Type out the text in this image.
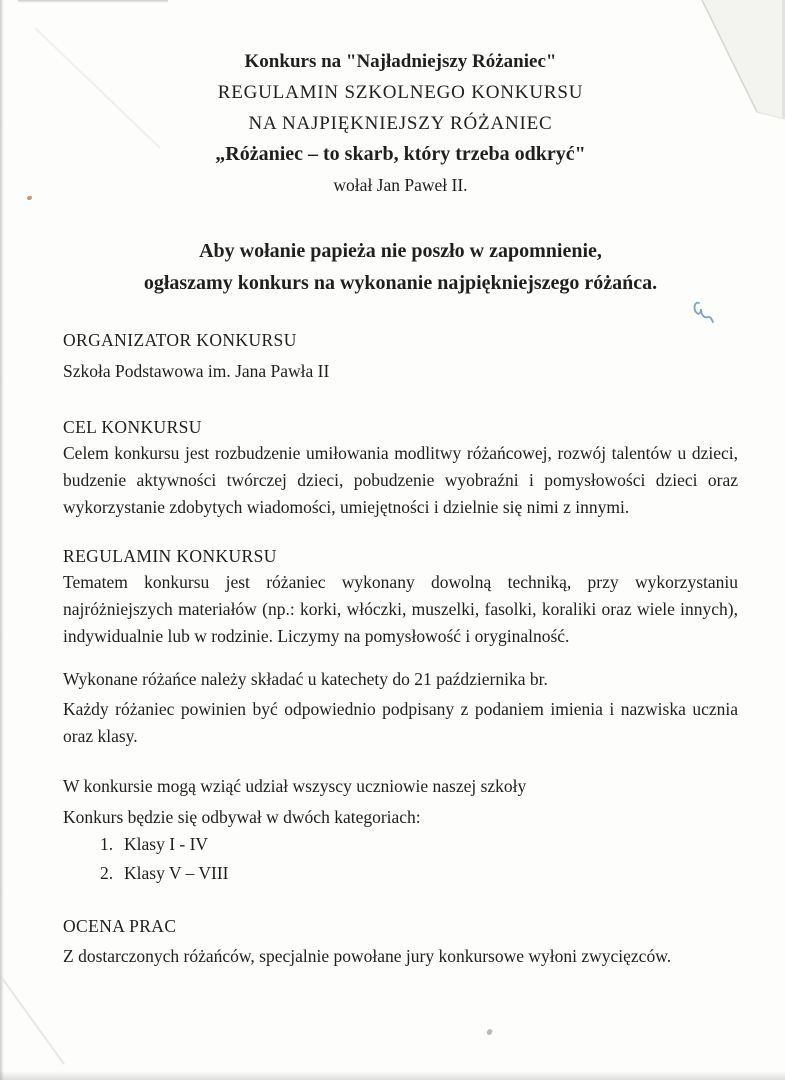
Konkurs na "Najładniejszy Różaniec"
REGULAMIN SZKOLNEGO KONKURSU
NA NAJPIĘKNIEJSZY RÓŻANIEC
„Różaniec – to skarb, który trzeba odkryć"
wołał Jan Paweł II.
Aby wołanie papieża nie poszło w zapomnienie,
ogłaszamy konkurs na wykonanie najpiękniejszego różańca.
ORGANIZATOR KONKURSU
Szkoła Podstawowa im. Jana Pawła II
CEL KONKURSU
Celem konkursu jest rozbudzenie umiłowania modlitwy różańcowej, rozwój talentów u dzieci, budzenie aktywności twórczej dzieci, pobudzenie wyobraźni i pomysłowości dzieci oraz wykorzystanie zdobytych wiadomości, umiejętności i dzielnie się nimi z innymi.
REGULAMIN KONKURSU
Tematem konkursu jest różaniec wykonany dowolną techniką, przy wykorzystaniu najróżniejszych materiałów (np.: korki, włóczki, muszelki, fasolki, koraliki oraz wiele innych), indywidualnie lub w rodzinie. Liczymy na pomysłowość i oryginalność.
Wykonane różańce należy składać u katechety do 21 października br.
Każdy różaniec powinien być odpowiednio podpisany z podaniem imienia i nazwiska ucznia oraz klasy.
W konkursie mogą wziąć udział wszyscy uczniowie naszej szkoły
Konkurs będzie się odbywał w dwóch kategoriach:
1. Klasy I - IV
2. Klasy V – VIII
OCENA PRAC
Z dostarczonych różańców, specjalnie powołane jury konkursowe wyłoni zwycięzców.
